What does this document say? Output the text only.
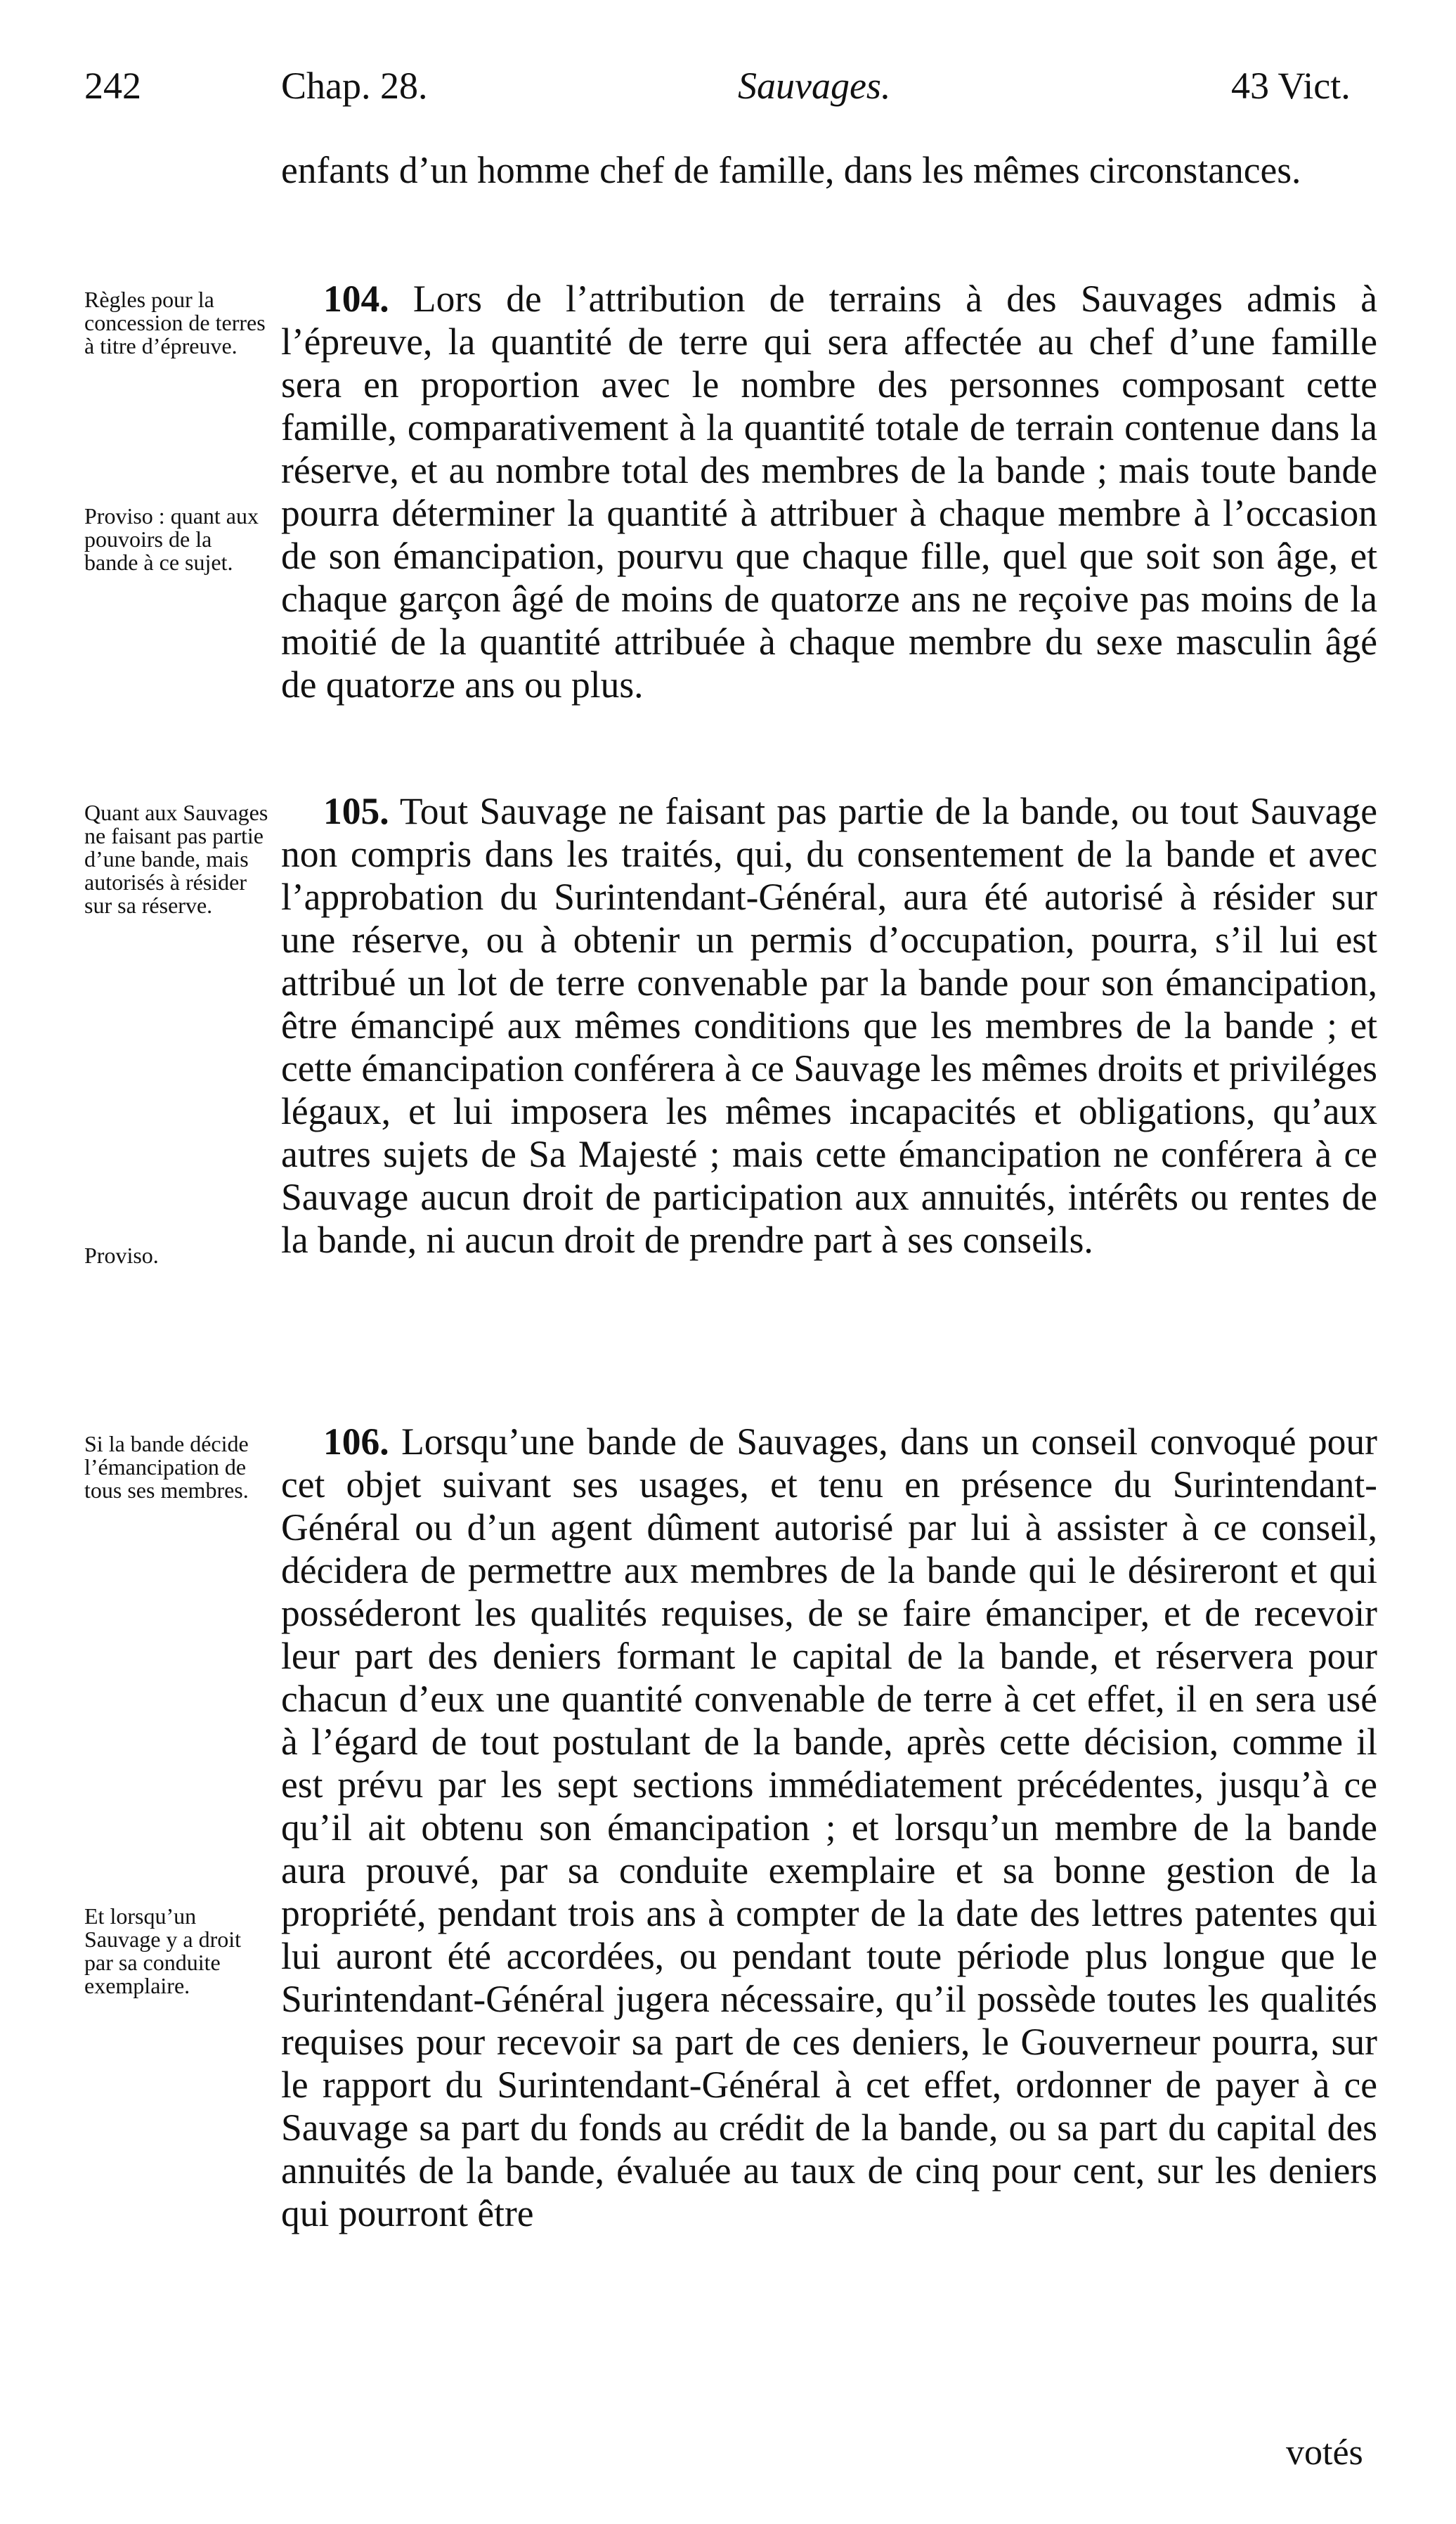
242	Chap. 28.	Sauvages.	43 Vict.

enfants d’un homme chef de famille, dans les mêmes circonstances.

104. Lors de l’attribution de terrains à des Sauvages admis à l’épreuve, la quantité de terre qui sera affectée au chef d’une famille sera en proportion avec le nombre des personnes composant cette famille, comparativement à la quantité totale de terrain contenue dans la réserve, et au nombre total des membres de la bande ; mais toute bande pourra déterminer la quantité à attribuer à chaque membre à l’occasion de son émancipation, pourvu que chaque fille, quel que soit son âge, et chaque garçon âgé de moins de quatorze ans ne reçoive pas moins de la moitié de la quantité attribuée à chaque membre du sexe masculin âgé de quatorze ans ou plus.

105. Tout Sauvage ne faisant pas partie de la bande, ou tout Sauvage non compris dans les traités, qui, du consentement de la bande et avec l’approbation du Surintendant-Général, aura été autorisé à résider sur une réserve, ou à obtenir un permis d’occupation, pourra, s’il lui est attribué un lot de terre convenable par la bande pour son émancipation, être émancipé aux mêmes conditions que les membres de la bande ; et cette émancipation conférera à ce Sauvage les mêmes droits et priviléges légaux, et lui imposera les mêmes incapacités et obligations, qu’aux autres sujets de Sa Majesté ; mais cette émancipation ne conférera à ce Sauvage aucun droit de participation aux annuités, intérêts ou rentes de la bande, ni aucun droit de prendre part à ses conseils.

106. Lorsqu’une bande de Sauvages, dans un conseil convoqué pour cet objet suivant ses usages, et tenu en présence du Surintendant-Général ou d’un agent dûment autorisé par lui à assister à ce conseil, décidera de permettre aux membres de la bande qui le désireront et qui posséderont les qualités requises, de se faire émanciper, et de recevoir leur part des deniers formant le capital de la bande, et réservera pour chacun d’eux une quantité convenable de terre à cet effet, il en sera usé à l’égard de tout postulant de la bande, après cette décision, comme il est prévu par les sept sections immédiatement précédentes, jusqu’à ce qu’il ait obtenu son émancipation ; et lorsqu’un membre de la bande aura prouvé, par sa conduite exemplaire et sa bonne gestion de la propriété, pendant trois ans à compter de la date des lettres patentes qui lui auront été accordées, ou pendant toute période plus longue que le Surintendant-Général jugera nécessaire, qu’il possède toutes les qualités requises pour recevoir sa part de ces deniers, le Gouverneur pourra, sur le rapport du Surintendant-Général à cet effet, ordonner de payer à ce Sauvage sa part du fonds au crédit de la bande, ou sa part du capital des annuités de la bande, évaluée au taux de cinq pour cent, sur les deniers qui pourront être

Règles pour la concession de terres à titre d’épreuve.
Proviso : quant aux pouvoirs de la bande à ce sujet.
Quant aux Sauvages ne faisant pas partie d’une bande, mais autorisés à résider sur sa réserve.
Proviso.
Si la bande décide l’émancipation de tous ses membres.
Et lorsqu’un Sauvage y a droit par sa conduite exemplaire.
votés
